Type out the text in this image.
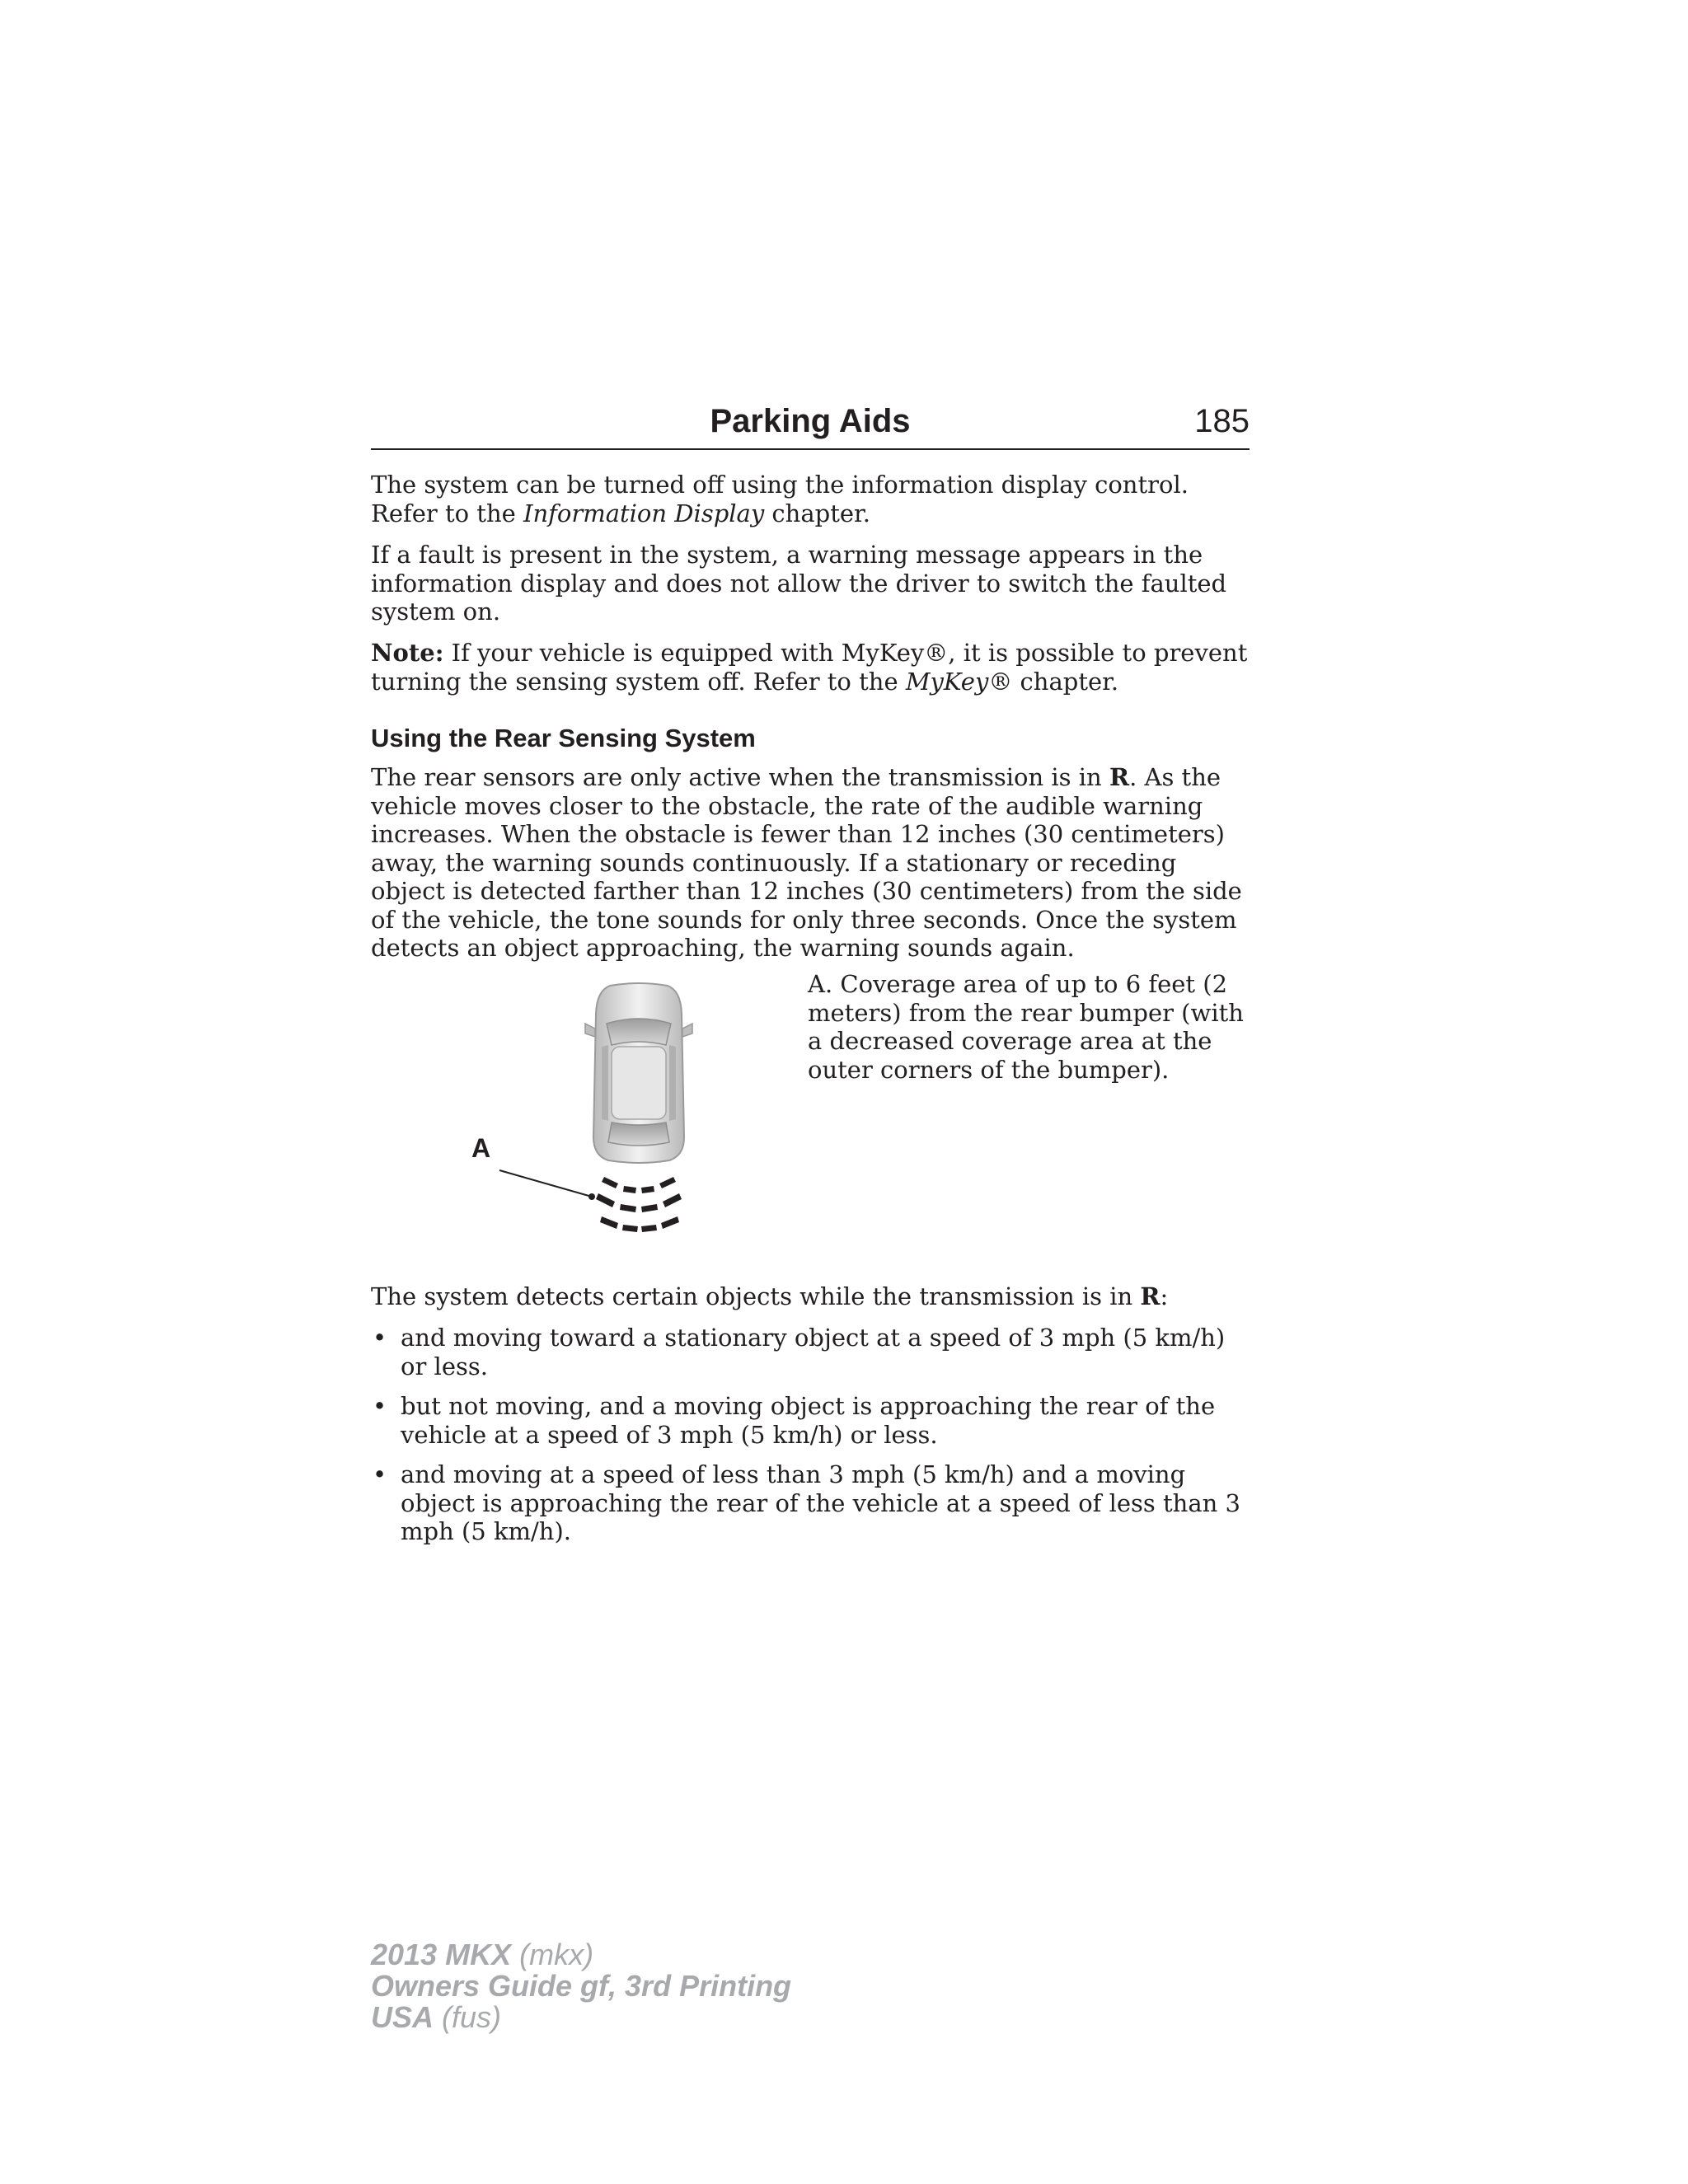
Parking Aids	185

The system can be turned off using the information display control. Refer to the Information Display chapter.

If a fault is present in the system, a warning message appears in the information display and does not allow the driver to switch the faulted system on.

Note: If your vehicle is equipped with MyKey®, it is possible to prevent turning the sensing system off. Refer to the MyKey® chapter.

Using the Rear Sensing System

The rear sensors are only active when the transmission is in R. As the vehicle moves closer to the obstacle, the rate of the audible warning increases. When the obstacle is fewer than 12 inches (30 centimeters) away, the warning sounds continuously. If a stationary or receding object is detected farther than 12 inches (30 centimeters) from the side of the vehicle, the tone sounds for only three seconds. Once the system detects an object approaching, the warning sounds again.

A
A. Coverage area of up to 6 feet (2 meters) from the rear bumper (with a decreased coverage area at the outer corners of the bumper).

The system detects certain objects while the transmission is in R:

• and moving toward a stationary object at a speed of 3 mph (5 km/h) or less.
• but not moving, and a moving object is approaching the rear of the vehicle at a speed of 3 mph (5 km/h) or less.
• and moving at a speed of less than 3 mph (5 km/h) and a moving object is approaching the rear of the vehicle at a speed of less than 3 mph (5 km/h).
2013 MKX (mkx)
Owners Guide gf, 3rd Printing
USA (fus)
